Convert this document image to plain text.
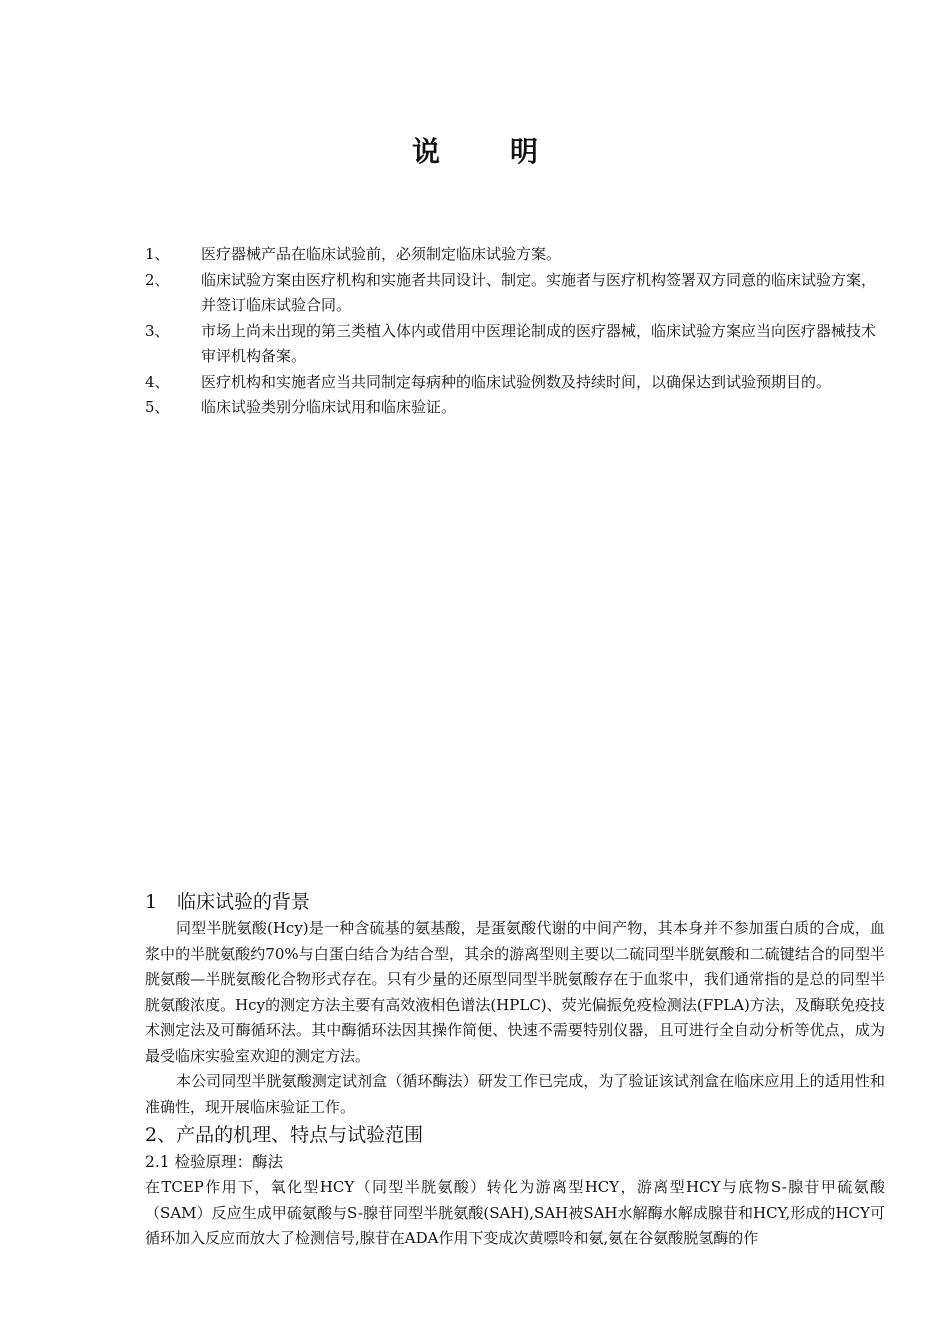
说	明
1、	医疗器械产品在临床试验前，必须制定临床试验方案。
2、	临床试验方案由医疗机构和实施者共同设计、制定。实施者与医疗机构签署双方同意的临床试验方案，并签订临床试验合同。
3、	市场上尚未出现的第三类植入体内或借用中医理论制成的医疗器械，临床试验方案应当向医疗器械技术审评机构备案。
4、	医疗机构和实施者应当共同制定每病种的临床试验例数及持续时间，以确保达到试验预期目的。
5、	临床试验类别分临床试用和临床验证。

1 临床试验的背景

同型半胱氨酸(Hcy)是一种含硫基的氨基酸，是蛋氨酸代谢的中间产物，其本身并不参加蛋白质的合成，血浆中的半胱氨酸约70%与白蛋白结合为结合型，其余的游离型则主要以二硫同型半胱氨酸和二硫键结合的同型半胱氨酸—半胱氨酸化合物形式存在。只有少量的还原型同型半胱氨酸存在于血浆中，我们通常指的是总的同型半胱氨酸浓度。Hcy的测定方法主要有高效液相色谱法(HPLC)、荧光偏振免疫检测法(FPLA)方法，及酶联免疫技术测定法及可酶循环法。其中酶循环法因其操作简便、快速不需要特别仪器，且可进行全自动分析等优点，成为最受临床实验室欢迎的测定方法。

本公司同型半胱氨酸测定试剂盒（循环酶法）研发工作已完成，为了验证该试剂盒在临床应用上的适用性和准确性，现开展临床验证工作。

2、产品的机理、特点与试验范围

2.1 检验原理：酶法

在TCEP作用下，氧化型HCY（同型半胱氨酸）转化为游离型HCY，游离型HCY与底物S-腺苷甲硫氨酸（SAM）反应生成甲硫氨酸与S-腺苷同型半胱氨酸(SAH),SAH被SAH水解酶水解成腺苷和HCY,形成的HCY可循环加入反应而放大了检测信号,腺苷在ADA作用下变成次黄嘌呤和氨,氨在谷氨酸脱氢酶的作
